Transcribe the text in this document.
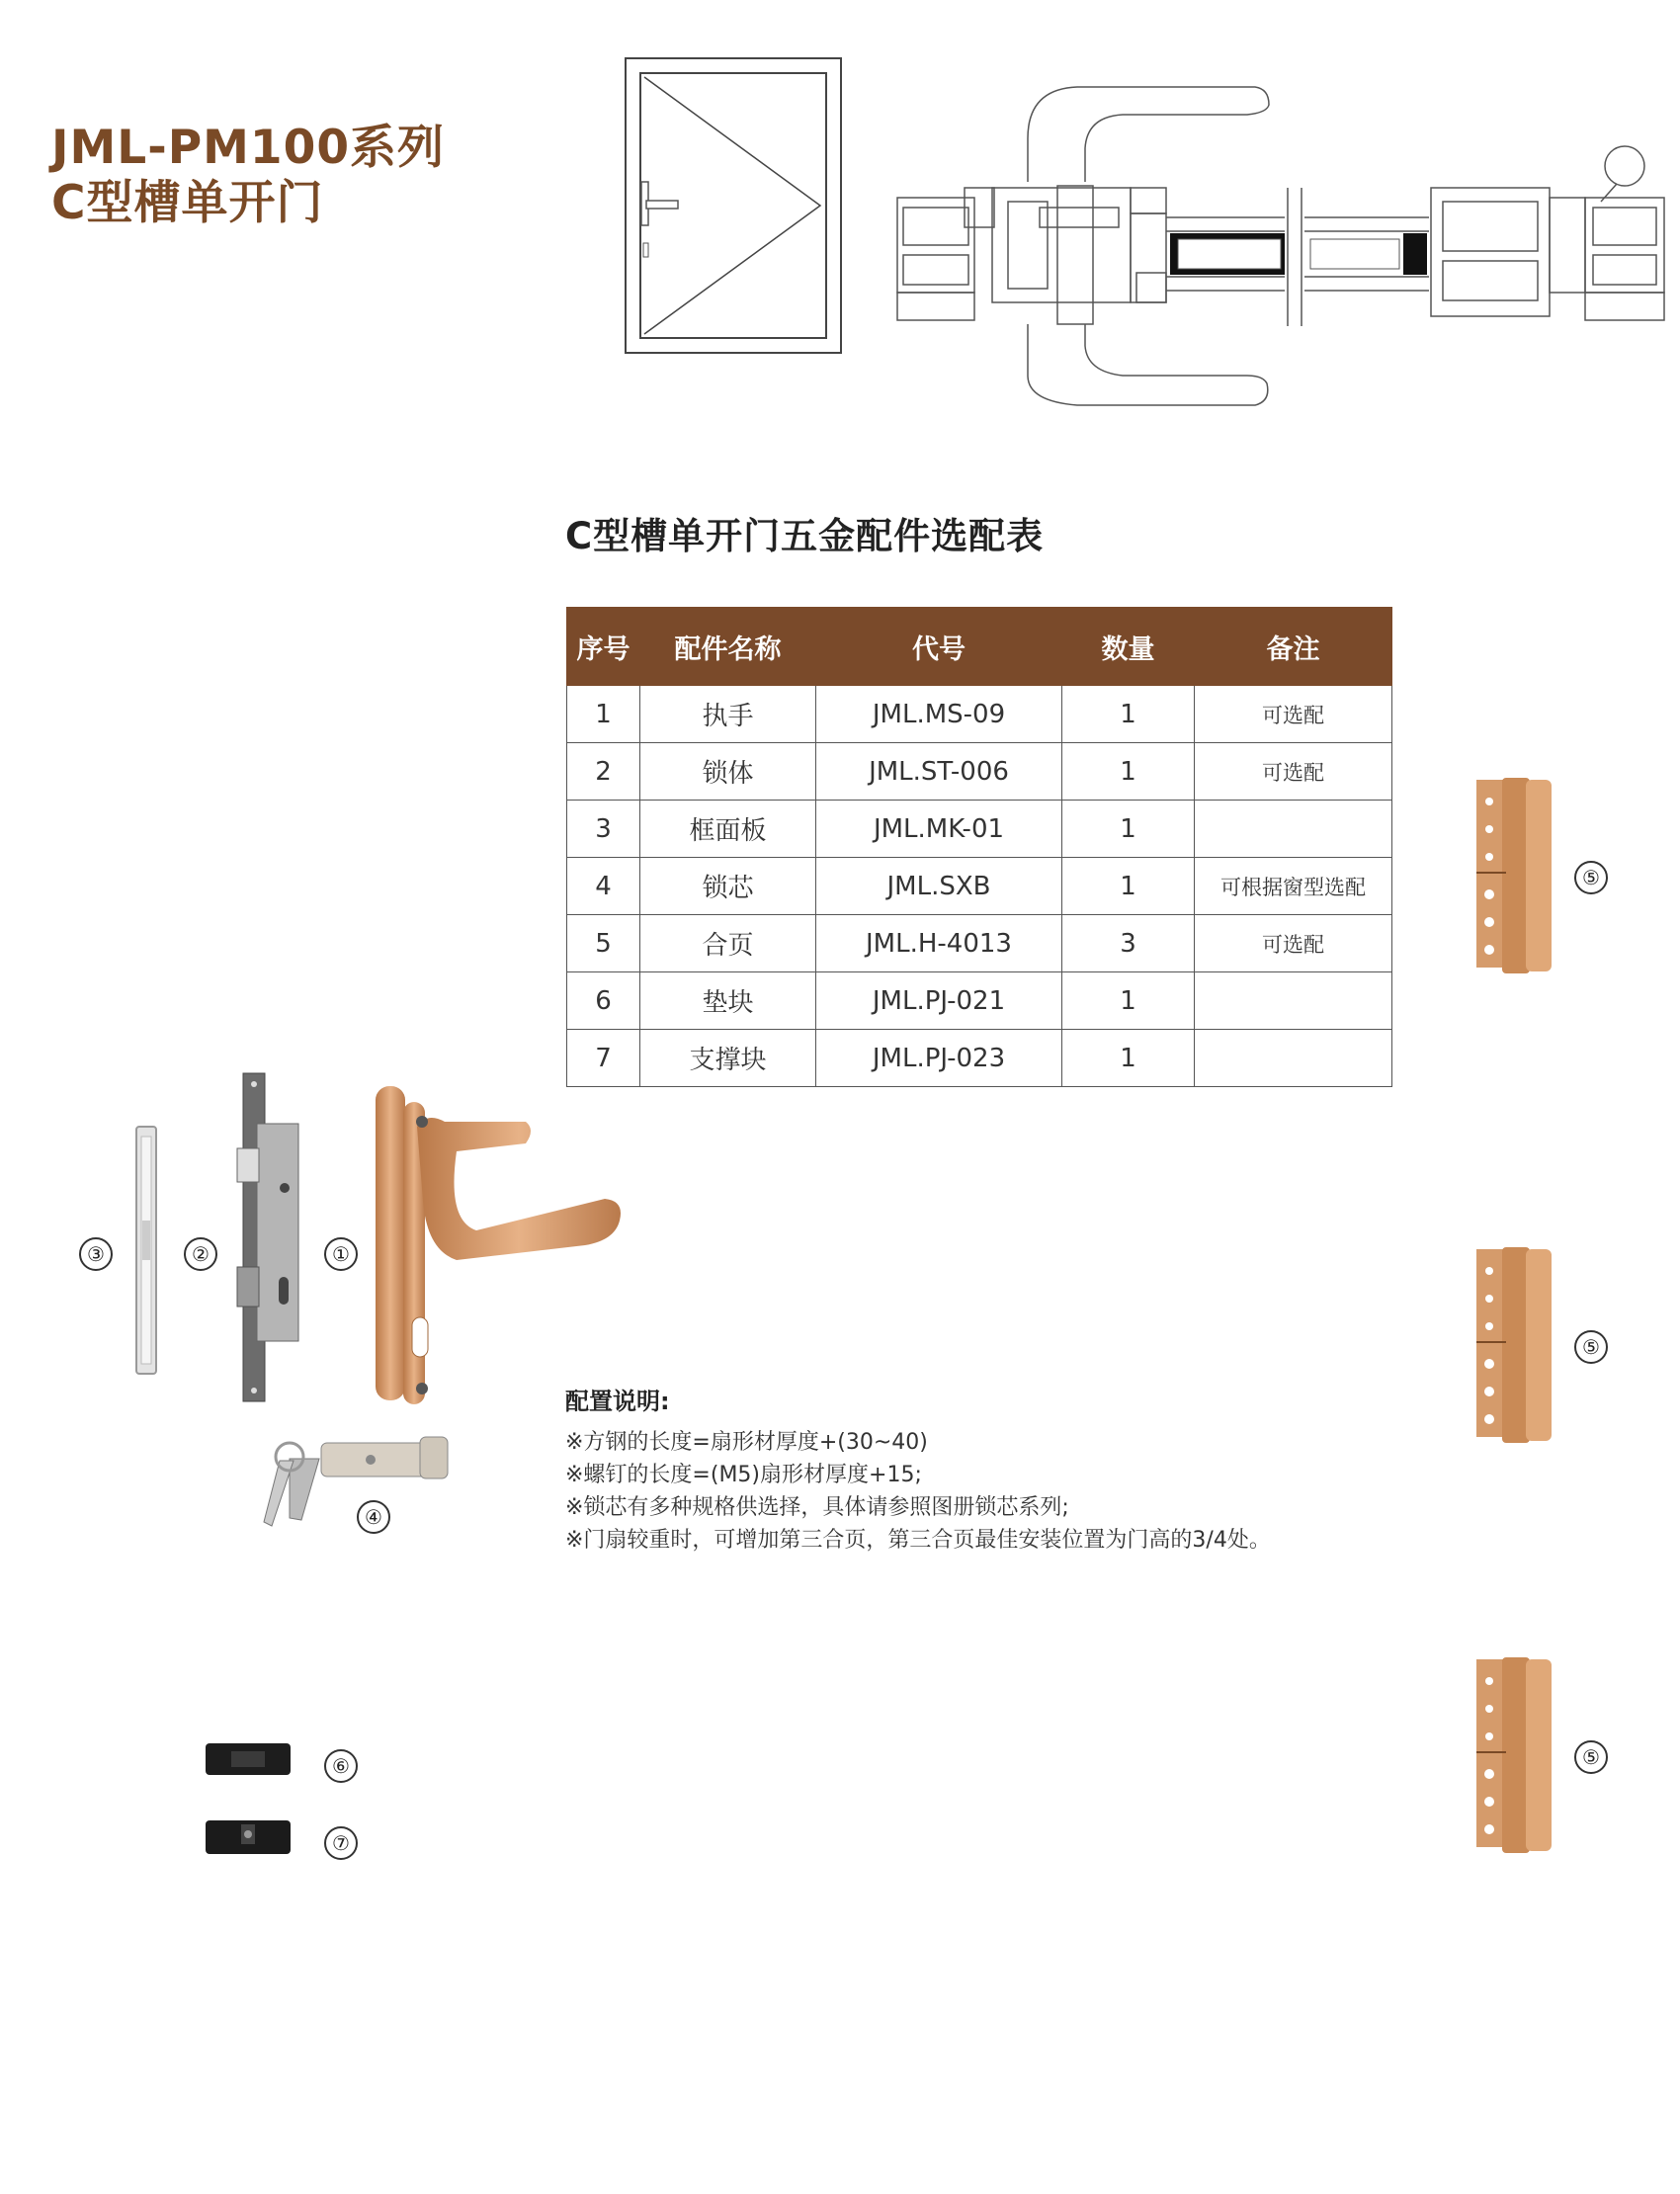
JML-PM100系列
C型槽单开门
C型槽单开门五金配件选配表
序号	配件名称	代号	数量	备注
1	执手	JML.MS-09	1	可选配
2	锁体	JML.ST-006	1	可选配
3	框面板	JML.MK-01	1	
4	锁芯	JML.SXB	1	可根据窗型选配
5	合页	JML.H-4013	3	可选配
6	垫块	JML.PJ-021	1	
7	支撑块	JML.PJ-023	1	
配置说明:
※方钢的长度=扇形材厚度+(30~40)
※螺钉的长度=(M5)扇形材厚度+15;
※锁芯有多种规格供选择，具体请参照图册锁芯系列;
※门扇较重时，可增加第三合页，第三合页最佳安装位置为门高的3/4处。
③	②	①
④
⑥
⑦
⑤
⑤
⑤
